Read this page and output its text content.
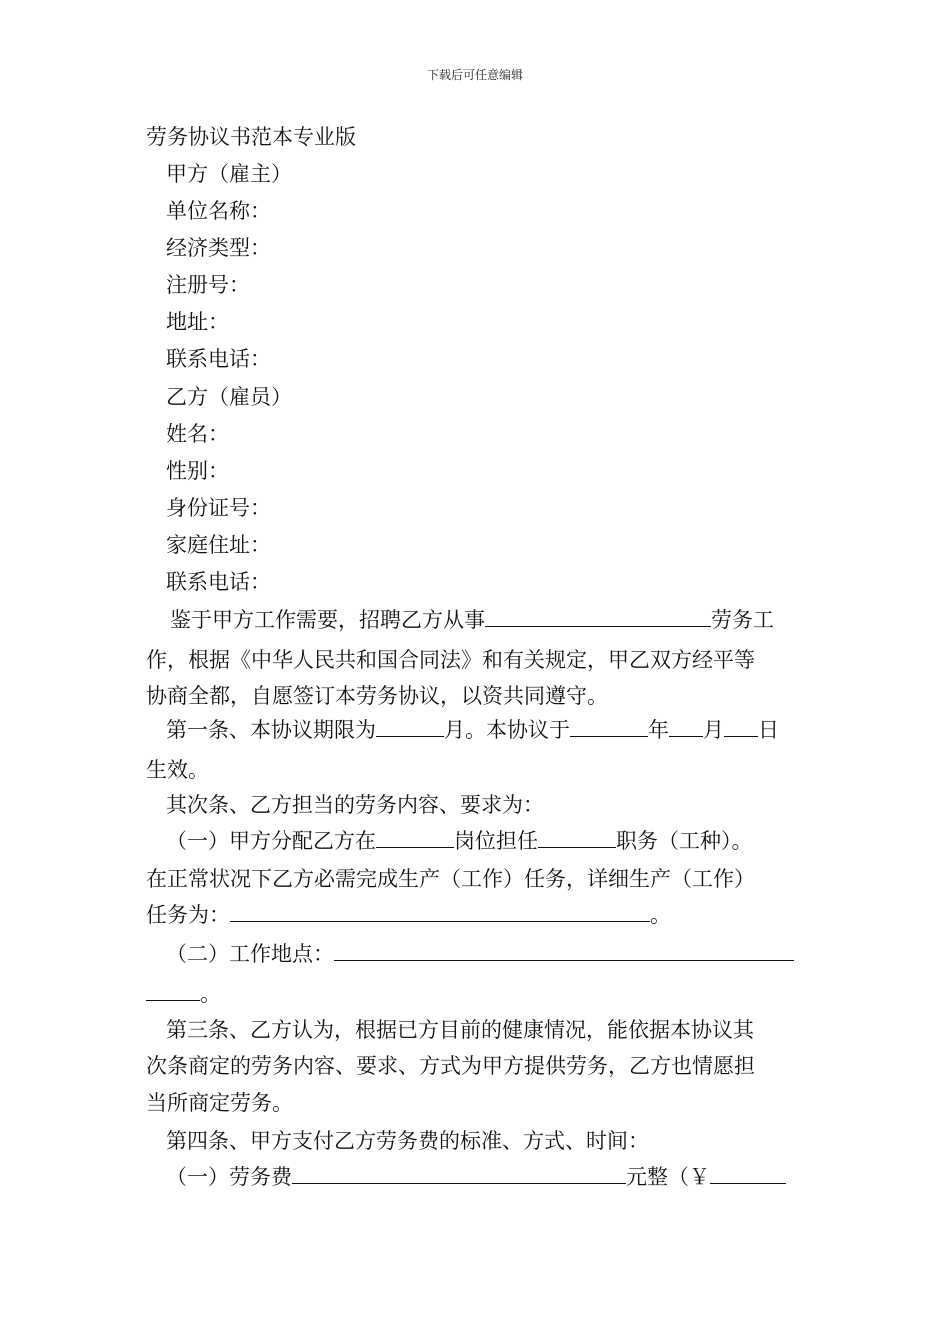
下载后可任意编辑
劳务协议书范本专业版
甲方（雇主）
单位名称：
经济类型：
注册号：
地址：
联系电话：
乙方（雇员）
姓名：
性别：
身份证号：
家庭住址：
联系电话：
鉴于甲方工作需要，招聘乙方从事	劳务工
作，根据《中华人民共和国合同法》和有关规定，甲乙双方经平等
协商全都，自愿签订本劳务协议，以资共同遵守。
第一条、本协议期限为	月。本协议于	年 月 日
生效。
其次条、乙方担当的劳务内容、要求为：
（一）甲方分配乙方在	岗位担任	职务（工种）。
在正常状况下乙方必需完成生产（工作）任务，详细生产（工作）
任务为：	。
（二）工作地点：
。
第三条、乙方认为，根据已方目前的健康情况，能依据本协议其
次条商定的劳务内容、要求、方式为甲方提供劳务，乙方也情愿担
当所商定劳务。
第四条、甲方支付乙方劳务费的标准、方式、时间：
（一）劳务费	元整（￥
